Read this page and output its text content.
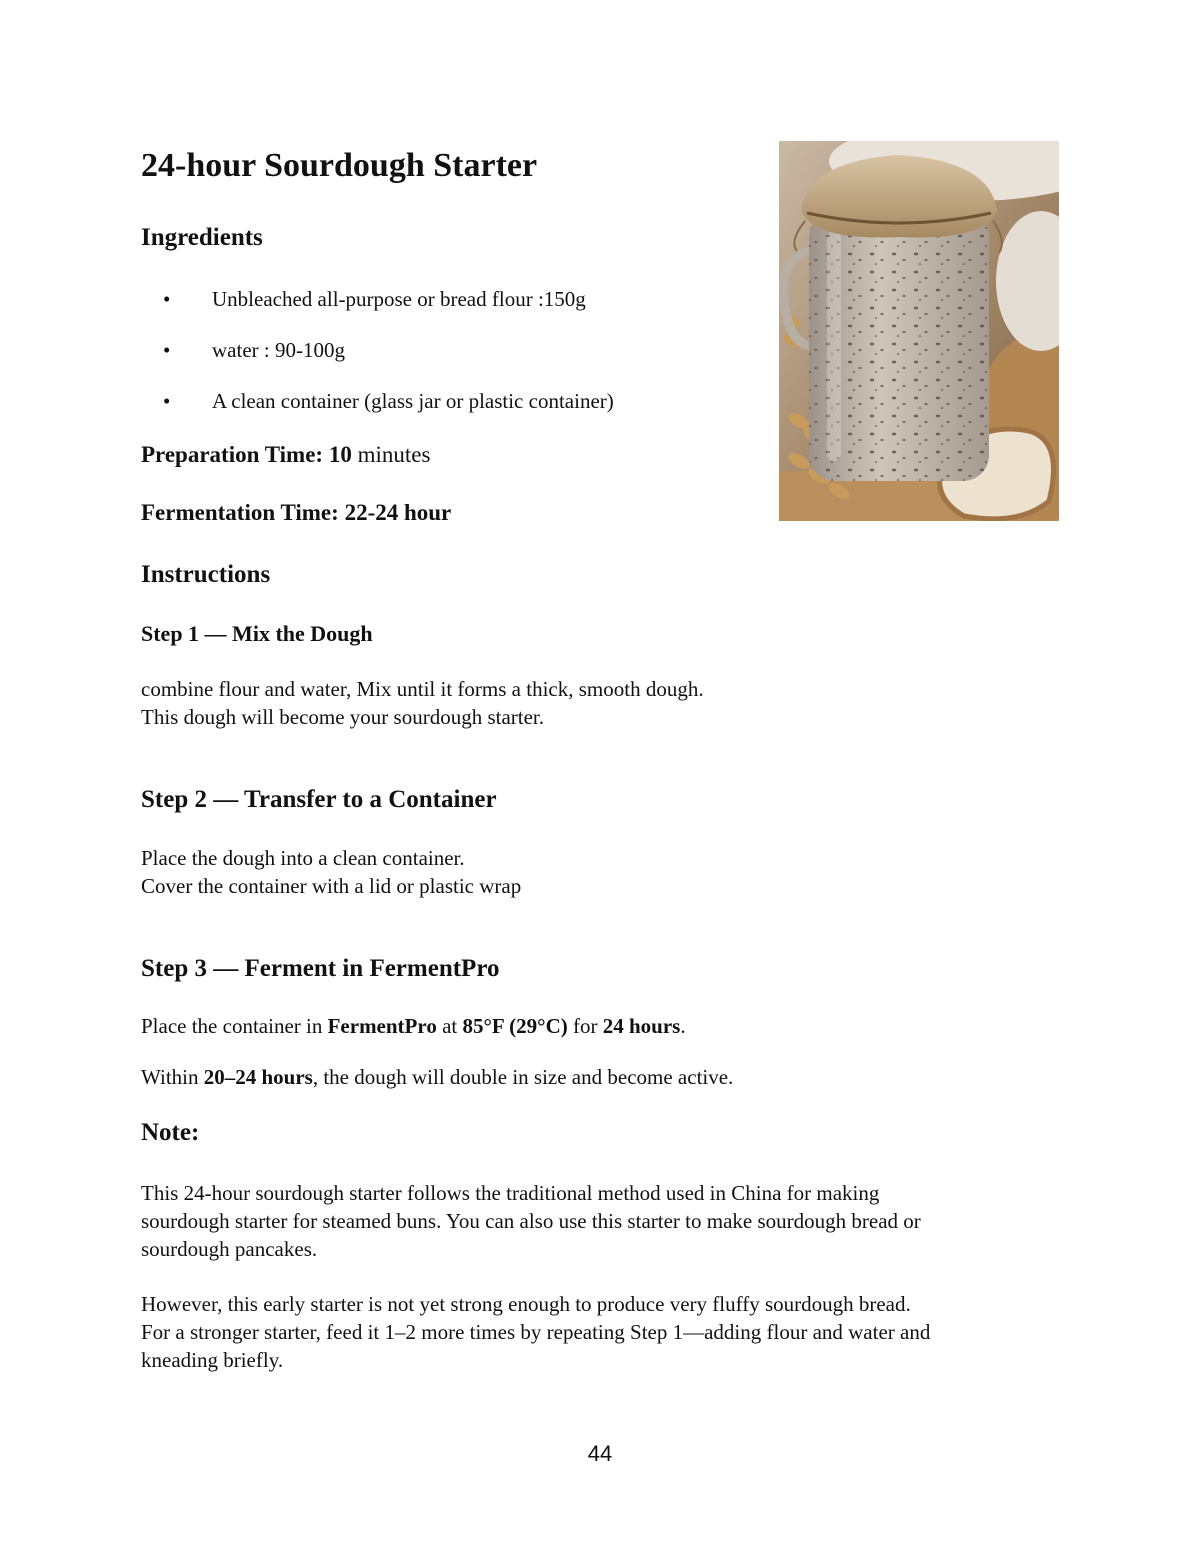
24-hour Sourdough Starter
Ingredients
• Unbleached all-purpose or bread flour :150g
• water : 90-100g
• A clean container (glass jar or plastic container)
Preparation Time: 10 minutes
Fermentation Time: 22-24 hour
Instructions
Step 1 — Mix the Dough
combine flour and water, Mix until it forms a thick, smooth dough.
This dough will become your sourdough starter.
Step 2 — Transfer to a Container
Place the dough into a clean container.
Cover the container with a lid or plastic wrap
Step 3 — Ferment in FermentPro
Place the container in FermentPro at 85°F (29°C) for 24 hours.
Within 20–24 hours, the dough will double in size and become active.
Note:
This 24-hour sourdough starter follows the traditional method used in China for making
sourdough starter for steamed buns. You can also use this starter to make sourdough bread or
sourdough pancakes.
However, this early starter is not yet strong enough to produce very fluffy sourdough bread.
For a stronger starter, feed it 1–2 more times by repeating Step 1—adding flour and water and
kneading briefly.
44
